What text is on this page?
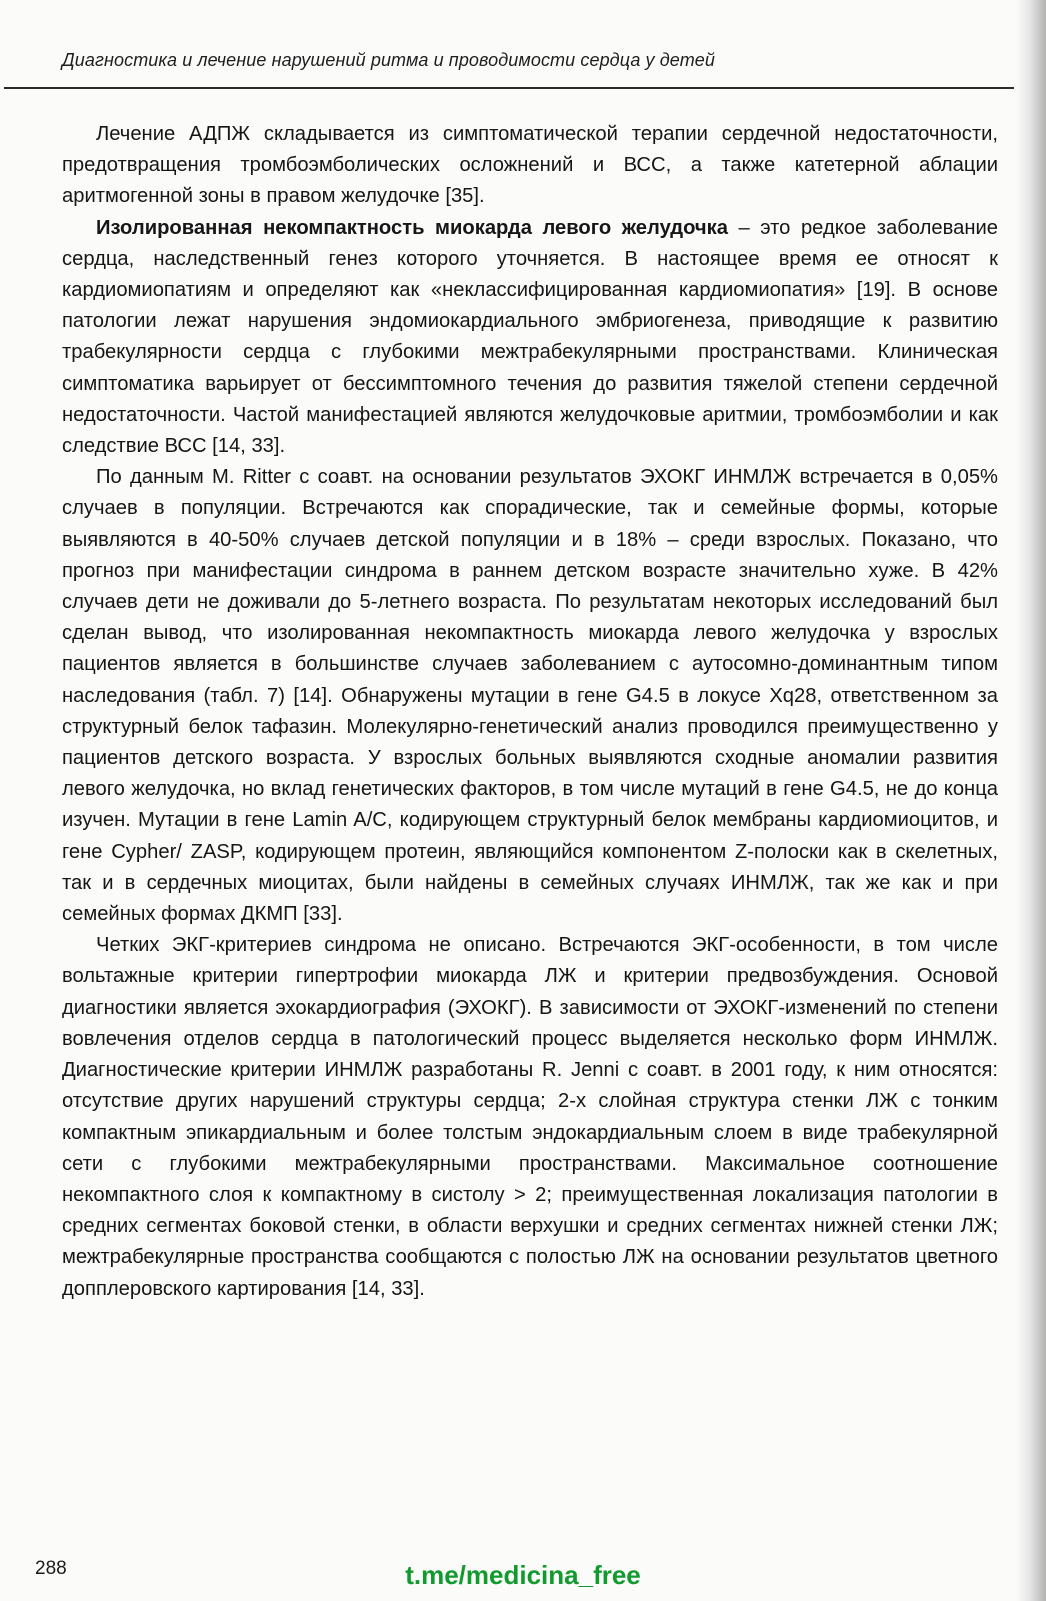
Диагностика и лечение нарушений ритма и проводимости сердца у детей

Лечение АДПЖ складывается из симптоматической терапии сердечной недостаточности, предотвращения тромбоэмболических осложнений и ВСС, а также катетерной аблации аритмогенной зоны в правом желудочке [35].

Изолированная некомпактность миокарда левого желудочка – это редкое заболевание сердца, наследственный генез которого уточняется. В настоящее время ее относят к кардиомиопатиям и определяют как «неклассифицированная кардиомиопатия» [19]. В основе патологии лежат нарушения эндомиокардиального эмбриогенеза, приводящие к развитию трабекулярности сердца с глубокими межтрабекулярными пространствами. Клиническая симптоматика варьирует от бессимптомного течения до развития тяжелой степени сердечной недостаточности. Частой манифестацией являются желудочковые аритмии, тромбоэмболии и как следствие ВСС [14, 33].

По данным M. Ritter с соавт. на основании результатов ЭХОКГ ИНМЛЖ встречается в 0,05% случаев в популяции. Встречаются как спорадические, так и семейные формы, которые выявляются в 40-50% случаев детской популяции и в 18% – среди взрослых. Показано, что прогноз при манифестации синдрома в раннем детском возрасте значительно хуже. В 42% случаев дети не доживали до 5-летнего возраста. По результатам некоторых исследований был сделан вывод, что изолированная некомпактность миокарда левого желудочка у взрослых пациентов является в большинстве случаев заболеванием с аутосомно-доминантным типом наследования (табл. 7) [14]. Обнаружены мутации в гене G4.5 в локусе Xq28, ответственном за структурный белок тафазин. Молекулярно-генетический анализ проводился преимущественно у пациентов детского возраста. У взрослых больных выявляются сходные аномалии развития левого желудочка, но вклад генетических факторов, в том числе мутаций в гене G4.5, не до конца изучен. Мутации в гене Lamin A/C, кодирующем структурный белок мембраны кардиомиоцитов, и гене Cypher/ ZASP, кодирующем протеин, являющийся компонентом Z-полоски как в скелетных, так и в сердечных миоцитах, были найдены в семейных случаях ИНМЛЖ, так же как и при семейных формах ДКМП [33].

Четких ЭКГ-критериев синдрома не описано. Встречаются ЭКГ-особенности, в том числе вольтажные критерии гипертрофии миокарда ЛЖ и критерии предвозбуждения. Основой диагностики является эхокардиография (ЭХОКГ). В зависимости от ЭХОКГ-изменений по степени вовлечения отделов сердца в патологический процесс выделяется несколько форм ИНМЛЖ. Диагностические критерии ИНМЛЖ разработаны R. Jenni с соавт. в 2001 году, к ним относятся: отсутствие других нарушений структуры сердца; 2-х слойная структура стенки ЛЖ с тонким компактным эпикардиальным и более толстым эндокардиальным слоем в виде трабекулярной сети с глубокими межтрабекулярными пространствами. Максимальное соотношение некомпактного слоя к компактному в систолу > 2; преимущественная локализация патологии в средних сегментах боковой стенки, в области верхушки и средних сегментах нижней стенки ЛЖ; межтрабекулярные пространства сообщаются с полостью ЛЖ на основании результатов цветного допплеровского картирования [14, 33].

288	t.me/medicina_free
